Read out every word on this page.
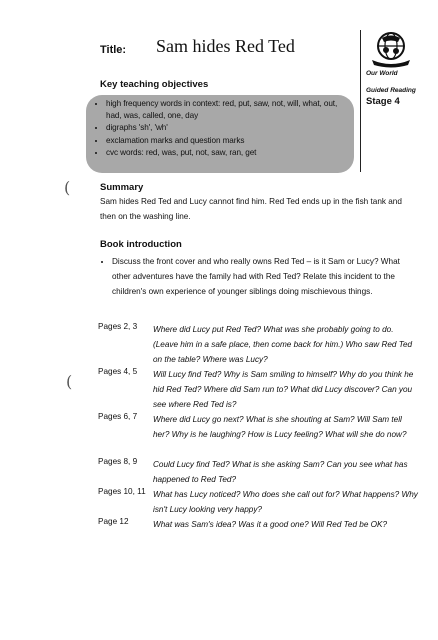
Title: Sam hides Red Ted
Our World
Guided Reading
Stage 4
Key teaching objectives
• high frequency words in context: red, put, saw, not, will, what, out, had, was, called, one, day
• digraphs 'sh', 'wh'
• exclamation marks and question marks
• cvc words: red, was, put, not, saw, ran, get
(	Summary
Sam hides Red Ted and Lucy cannot find him. Red Ted ends up in the fish tank and then on the washing line.
Book introduction
• Discuss the front cover and who really owns Red Ted – is it Sam or Lucy? What other adventures have the family had with Red Ted? Relate this incident to the children's own experience of younger siblings doing mischievous things.
(
Pages 2, 3 Where did Lucy put Red Ted? What was she probably going to do. (Leave him in a safe place, then come back for him.) Who saw Red Ted on the table? Where was Lucy?
Pages 4, 5 Will Lucy find Ted? Why is Sam smiling to himself? Why do you think he hid Red Ted? Where did Sam run to? What did Lucy discover? Can you see where Red Ted is?
Pages 6, 7 Where did Lucy go next? What is she shouting at Sam? Will Sam tell her? Why is he laughing? How is Lucy feeling? What will she do now?
Pages 8, 9 Could Lucy find Ted? What is she asking Sam? Can you see what has happened to Red Ted?
Pages 10, 11 What has Lucy noticed? Who does she call out for? What happens? Why isn't Lucy looking very happy?
Page 12	What was Sam's idea? Was it a good one? Will Red Ted be OK?
